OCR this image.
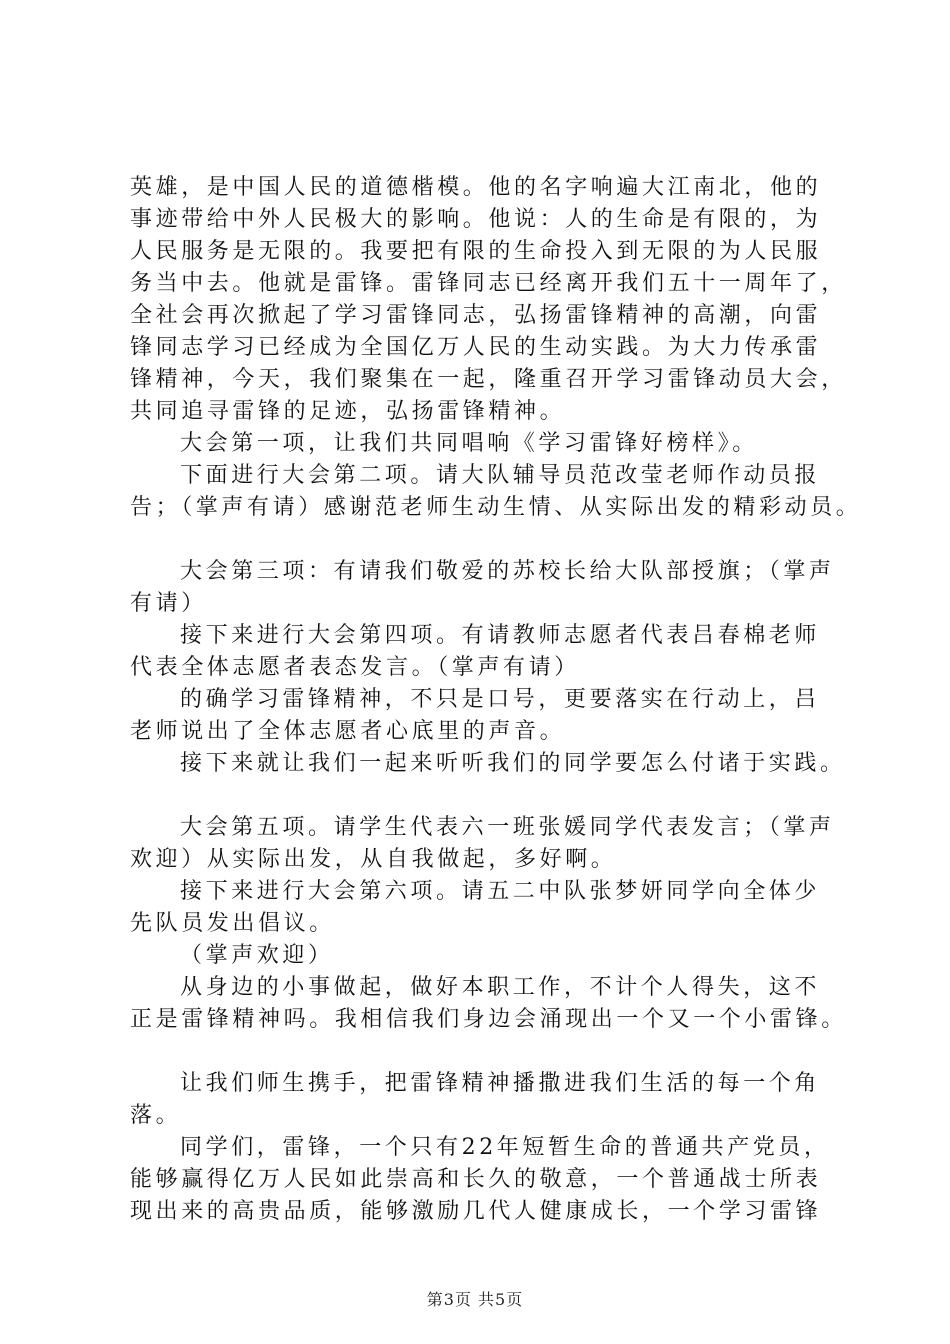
英雄，是中国人民的道德楷模。他的名字响遍大江南北，他的
事迹带给中外人民极大的影响。他说：人的生命是有限的，为
人民服务是无限的。我要把有限的生命投入到无限的为人民服
务当中去。他就是雷锋。雷锋同志已经离开我们五十一周年了，
全社会再次掀起了学习雷锋同志，弘扬雷锋精神的高潮，向雷
锋同志学习已经成为全国亿万人民的生动实践。为大力传承雷
锋精神，今天，我们聚集在一起，隆重召开学习雷锋动员大会，
共同追寻雷锋的足迹，弘扬雷锋精神。
大会第一项，让我们共同唱响《学习雷锋好榜样》。
下面进行大会第二项。请大队辅导员范改莹老师作动员报
告；（掌声有请）感谢范老师生动生情、从实际出发的精彩动员。
大会第三项：有请我们敬爱的苏校长给大队部授旗；（掌声
有请）
接下来进行大会第四项。有请教师志愿者代表吕春棉老师
代表全体志愿者表态发言。（掌声有请）
的确学习雷锋精神，不只是口号，更要落实在行动上，吕
老师说出了全体志愿者心底里的声音。
接下来就让我们一起来听听我们的同学要怎么付诸于实践。
大会第五项。请学生代表六一班张媛同学代表发言；（掌声
欢迎）从实际出发，从自我做起，多好啊。
接下来进行大会第六项。请五二中队张梦妍同学向全体少
先队员发出倡议。
（掌声欢迎）
从身边的小事做起，做好本职工作，不计个人得失，这不
正是雷锋精神吗。我相信我们身边会涌现出一个又一个小雷锋。
让我们师生携手，把雷锋精神播撒进我们生活的每一个角
落。
同学们，雷锋，一个只有22年短暂生命的普通共产党员，
能够赢得亿万人民如此崇高和长久的敬意，一个普通战士所表
现出来的高贵品质，能够激励几代人健康成长，一个学习雷锋
第3页 共5页
